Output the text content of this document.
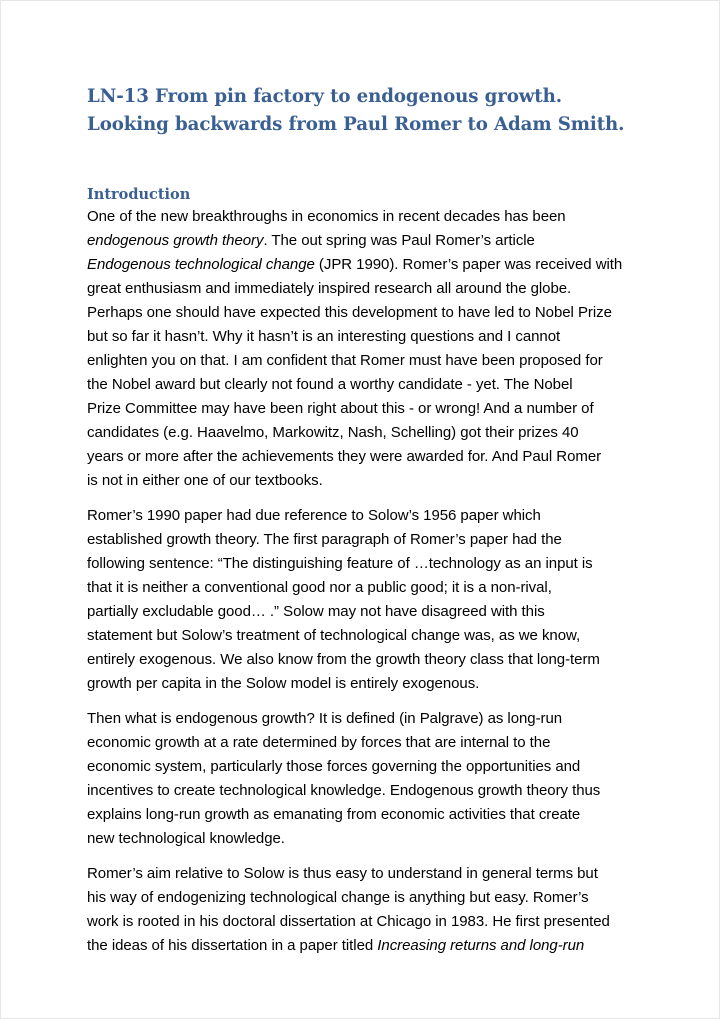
LN-13 From pin factory to endogenous growth.
Looking backwards from Paul Romer to Adam Smith.
Introduction

One of the new breakthroughs in economics in recent decades has been
endogenous growth theory. The out spring was Paul Romer’s article
Endogenous technological change (JPR 1990). Romer’s paper was received with
great enthusiasm and immediately inspired research all around the globe.
Perhaps one should have expected this development to have led to Nobel Prize
but so far it hasn’t. Why it hasn’t is an interesting questions and I cannot
enlighten you on that. I am confident that Romer must have been proposed for
the Nobel award but clearly not found a worthy candidate - yet. The Nobel
Prize Committee may have been right about this - or wrong! And a number of
candidates (e.g. Haavelmo, Markowitz, Nash, Schelling) got their prizes 40
years or more after the achievements they were awarded for. And Paul Romer
is not in either one of our textbooks.

Romer’s 1990 paper had due reference to Solow’s 1956 paper which
established growth theory. The first paragraph of Romer’s paper had the
following sentence: “The distinguishing feature of …technology as an input is
that it is neither a conventional good nor a public good; it is a non-rival,
partially excludable good… .” Solow may not have disagreed with this
statement but Solow’s treatment of technological change was, as we know,
entirely exogenous. We also know from the growth theory class that long-term
growth per capita in the Solow model is entirely exogenous.

Then what is endogenous growth? It is defined (in Palgrave) as long-run
economic growth at a rate determined by forces that are internal to the
economic system, particularly those forces governing the opportunities and
incentives to create technological knowledge. Endogenous growth theory thus
explains long-run growth as emanating from economic activities that create
new technological knowledge.

Romer’s aim relative to Solow is thus easy to understand in general terms but
his way of endogenizing technological change is anything but easy. Romer’s
work is rooted in his doctoral dissertation at Chicago in 1983. He first presented
the ideas of his dissertation in a paper titled Increasing returns and long-run
